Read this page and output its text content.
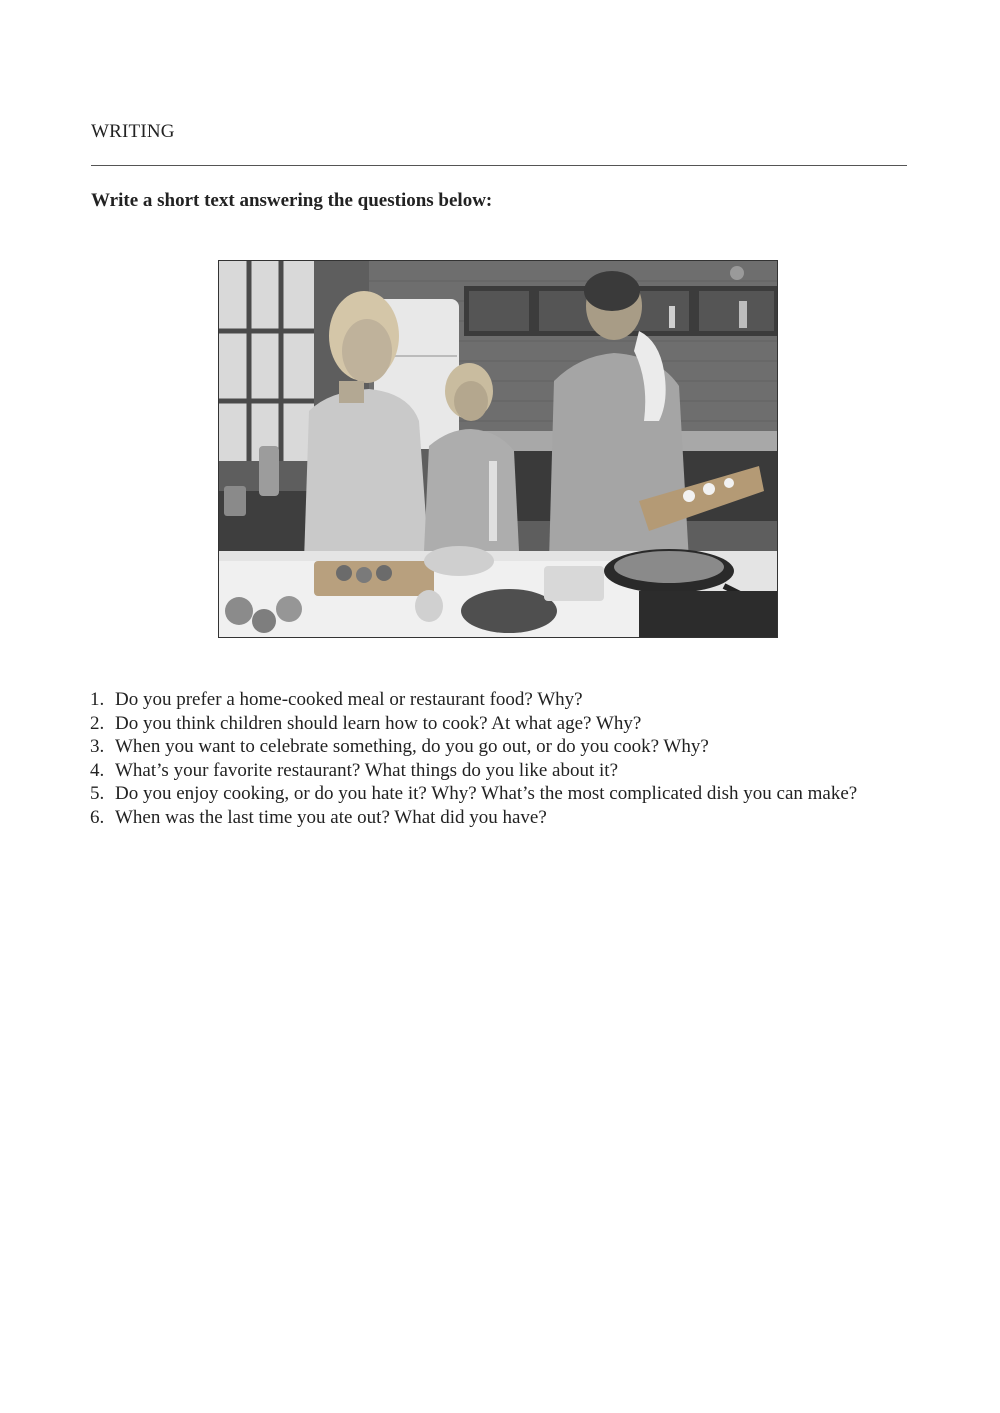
WRITING

Write a short text answering the questions below:

1. Do you prefer a home-cooked meal or restaurant food? Why?
2. Do you think children should learn how to cook? At what age? Why?
3. When you want to celebrate something, do you go out, or do you cook? Why?
4. What’s your favorite restaurant? What things do you like about it?
5. Do you enjoy cooking, or do you hate it? Why? What’s the most complicated dish you can make?
6. When was the last time you ate out? What did you have?
